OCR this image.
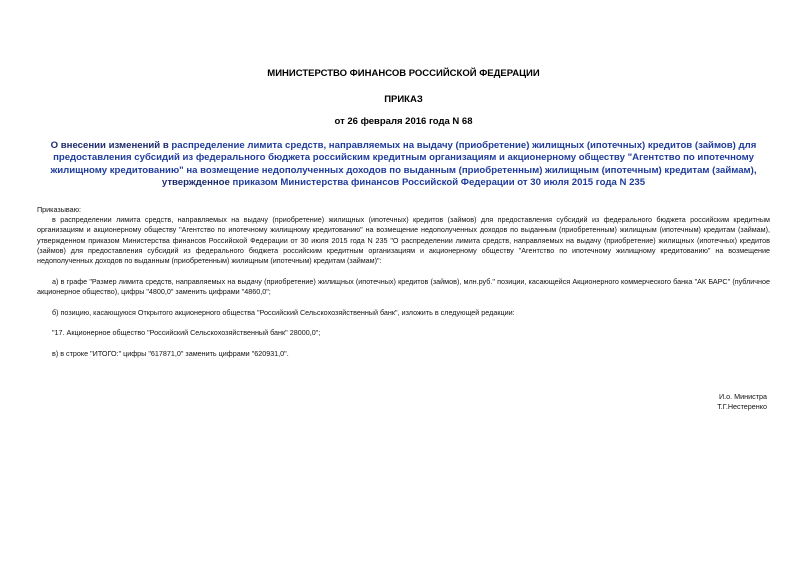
МИНИСТЕРСТВО ФИНАНСОВ РОССИЙСКОЙ ФЕДЕРАЦИИ
ПРИКАЗ
от 26 февраля 2016 года N 68
О внесении изменений в распределение лимита средств, направляемых на выдачу (приобретение) жилищных (ипотечных) кредитов (займов) для предоставления субсидий из федерального бюджета российским кредитным организациям и акционерному обществу "Агентство по ипотечному жилищному кредитованию" на возмещение недополученных доходов по выданным (приобретенным) жилищным (ипотечным) кредитам (займам), утвержденное приказом Министерства финансов Российской Федерации от 30 июля 2015 года N 235
Приказываю:
в распределении лимита средств, направляемых на выдачу (приобретение) жилищных (ипотечных) кредитов (займов) для предоставления субсидий из федерального бюджета российским кредитным организациям и акционерному обществу "Агентство по ипотечному жилищному кредитованию" на возмещение недополученных доходов по выданным (приобретенным) жилищным (ипотечным) кредитам (займам), утвержденном приказом Министерства финансов Российской Федерации от 30 июля 2015 года N 235 "О распределении лимита средств, направляемых на выдачу (приобретение) жилищных (ипотечных) кредитов (займов) для предоставления субсидий из федерального бюджета российским кредитным организациям и акционерному обществу "Агентство по ипотечному жилищному кредитованию" на возмещение недополученных доходов по выданным (приобретенным) жилищным (ипотечным) кредитам (займам)":
а) в графе "Размер лимита средств, направляемых на выдачу (приобретение) жилищных (ипотечных) кредитов (займов), млн.руб." позиции, касающейся Акционерного коммерческого банка "АК БАРС" (публичное акционерное общество), цифры "4800,0" заменить цифрами "4860,0";
б) позицию, касающуюся Открытого акционерного общества "Российский Сельскохозяйственный банк", изложить в следующей редакции:
"17. Акционерное общество "Российский Сельскохозяйственный банк" 28000,0";
в) в строке "ИТОГО:" цифры "617871,0" заменить цифрами "620931,0".
И.о. Министра
Т.Г.Нестеренко
